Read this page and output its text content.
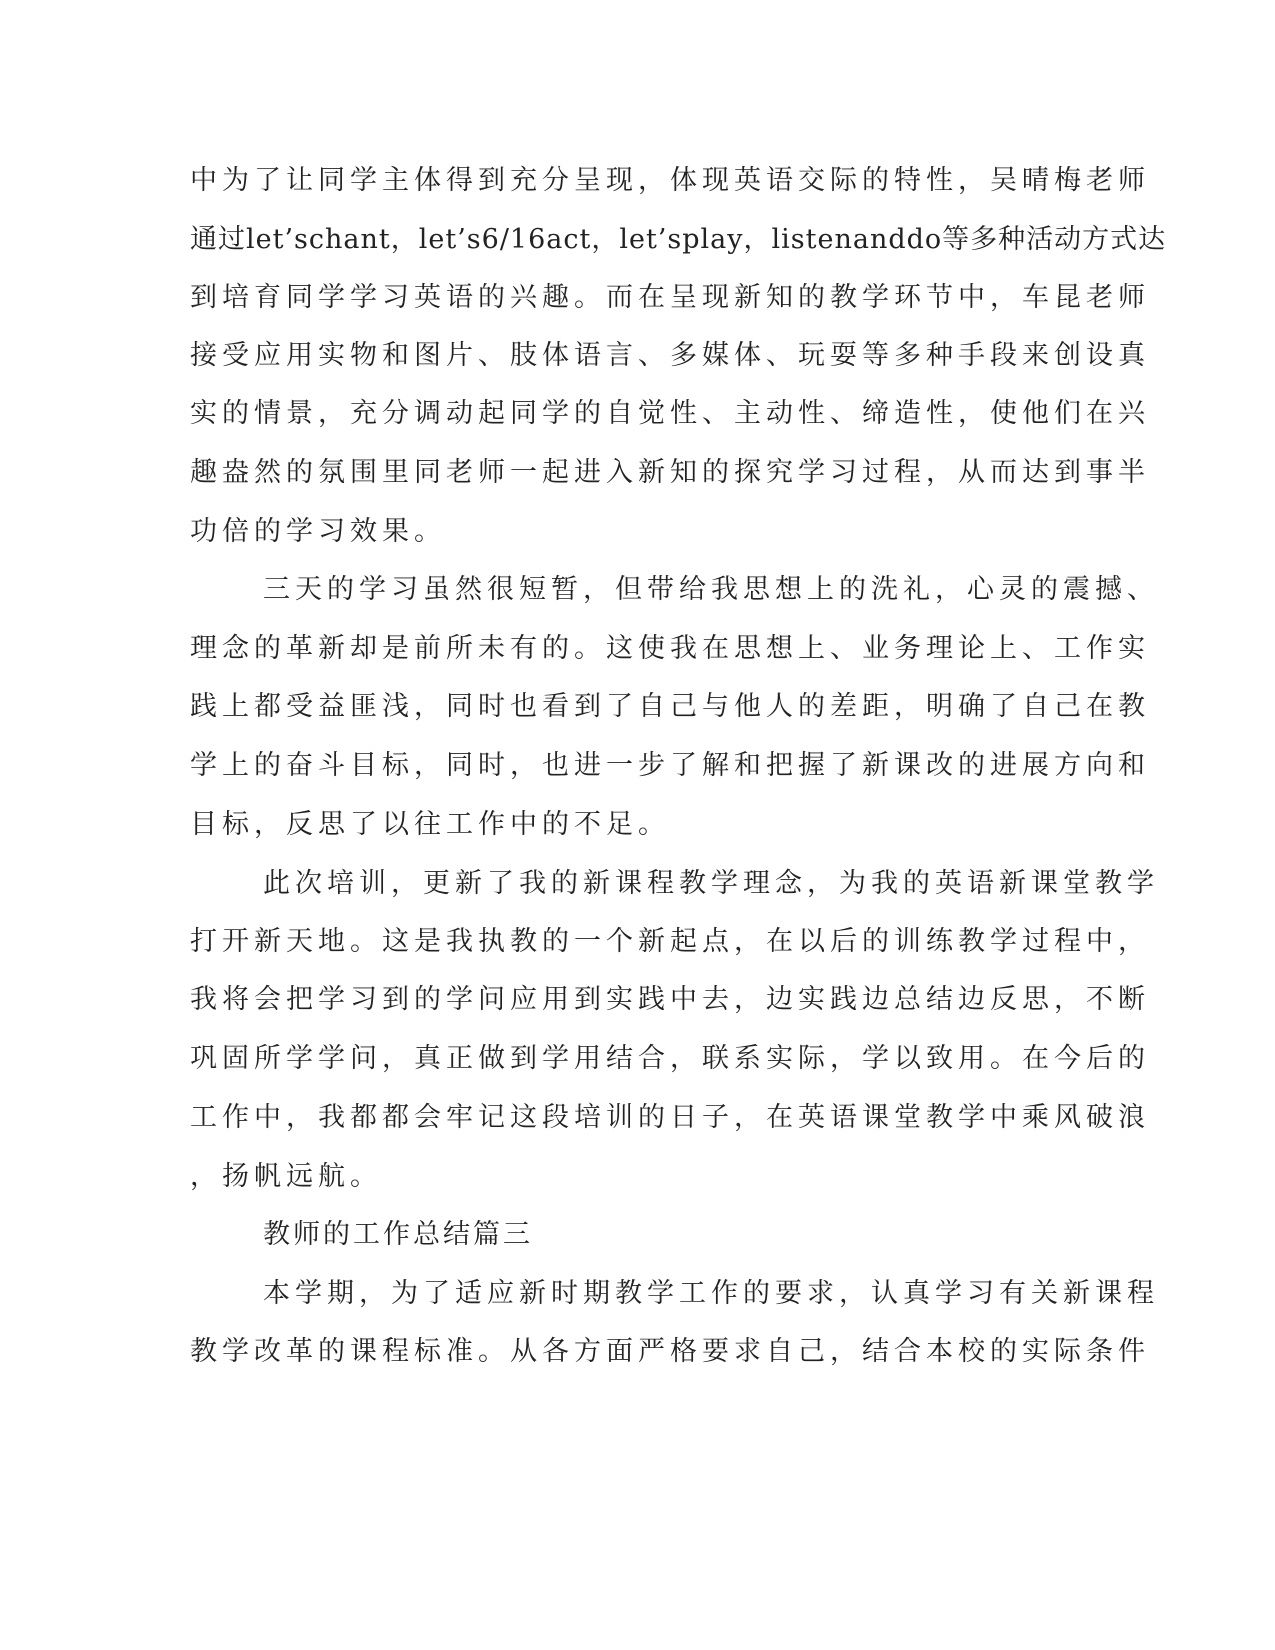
中为了让同学主体得到充分呈现，体现英语交际的特性，吴晴梅老师
通过let’schant，let’s6/16act，let’splay，listenanddo等多种活动方式达
到培育同学学习英语的兴趣。而在呈现新知的教学环节中，车昆老师
接受应用实物和图片、肢体语言、多媒体、玩耍等多种手段来创设真
实的情景，充分调动起同学的自觉性、主动性、缔造性，使他们在兴
趣盎然的氛围里同老师一起进入新知的探究学习过程，从而达到事半
功倍的学习效果。
三天的学习虽然很短暂，但带给我思想上的洗礼，心灵的震撼、
理念的革新却是前所未有的。这使我在思想上、业务理论上、工作实
践上都受益匪浅，同时也看到了自己与他人的差距，明确了自己在教
学上的奋斗目标，同时，也进一步了解和把握了新课改的进展方向和
目标，反思了以往工作中的不足。
此次培训，更新了我的新课程教学理念，为我的英语新课堂教学
打开新天地。这是我执教的一个新起点，在以后的训练教学过程中，
我将会把学习到的学问应用到实践中去，边实践边总结边反思，不断
巩固所学学问，真正做到学用结合，联系实际，学以致用。在今后的
工作中，我都都会牢记这段培训的日子，在英语课堂教学中乘风破浪
，扬帆远航。
教师的工作总结篇三
本学期，为了适应新时期教学工作的要求，认真学习有关新课程
教学改革的课程标准。从各方面严格要求自己，结合本校的实际条件
